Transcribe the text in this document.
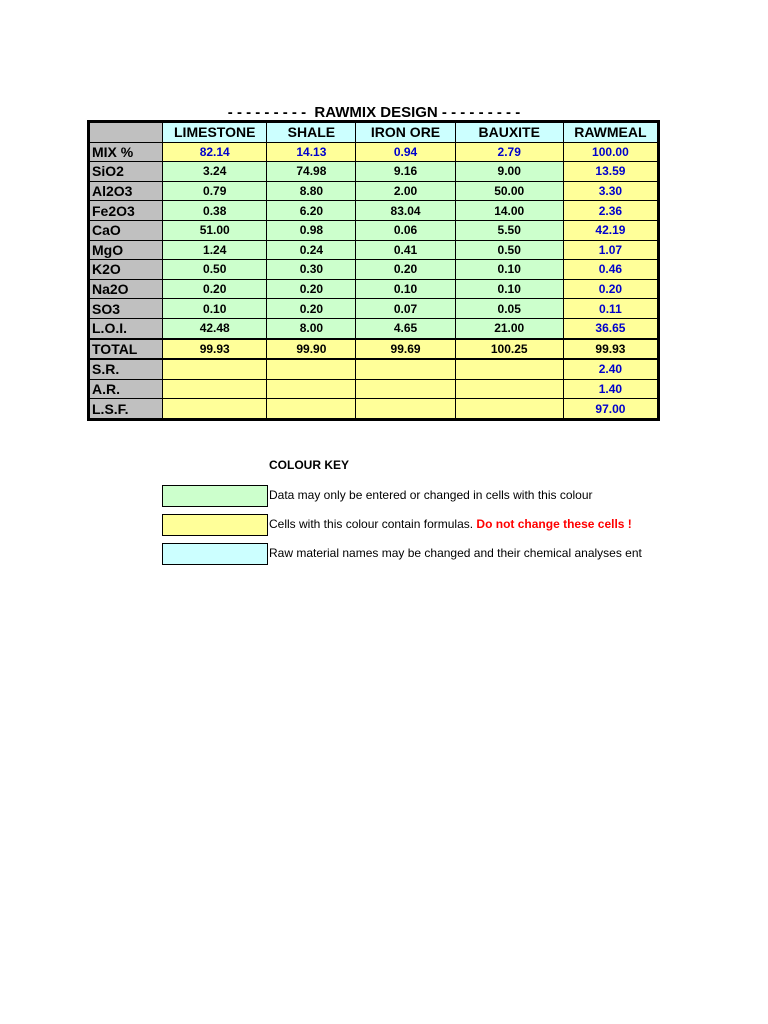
- - - - - - - - -  RAWMIX DESIGN - - - - - - - - -
	LIMESTONE	SHALE	IRON ORE	BAUXITE	RAWMEAL
MIX %	82.14	14.13	0.94	2.79	100.00
SiO2	3.24	74.98	9.16	9.00	13.59
Al2O3	0.79	8.80	2.00	50.00	3.30
Fe2O3	0.38	6.20	83.04	14.00	2.36
CaO	51.00	0.98	0.06	5.50	42.19
MgO	1.24	0.24	0.41	0.50	1.07
K2O	0.50	0.30	0.20	0.10	0.46
Na2O	0.20	0.20	0.10	0.10	0.20
SO3	0.10	0.20	0.07	0.05	0.11
L.O.I.	42.48	8.00	4.65	21.00	36.65
TOTAL	99.93	99.90	99.69	100.25	99.93
S.R.					2.40
A.R.					1.40
L.S.F.					97.00
COLOUR KEY
Data may only be entered or changed in cells with this colour
Cells with this colour contain formulas. Do not change these cells !
Raw material names may be changed and their chemical analyses ent
